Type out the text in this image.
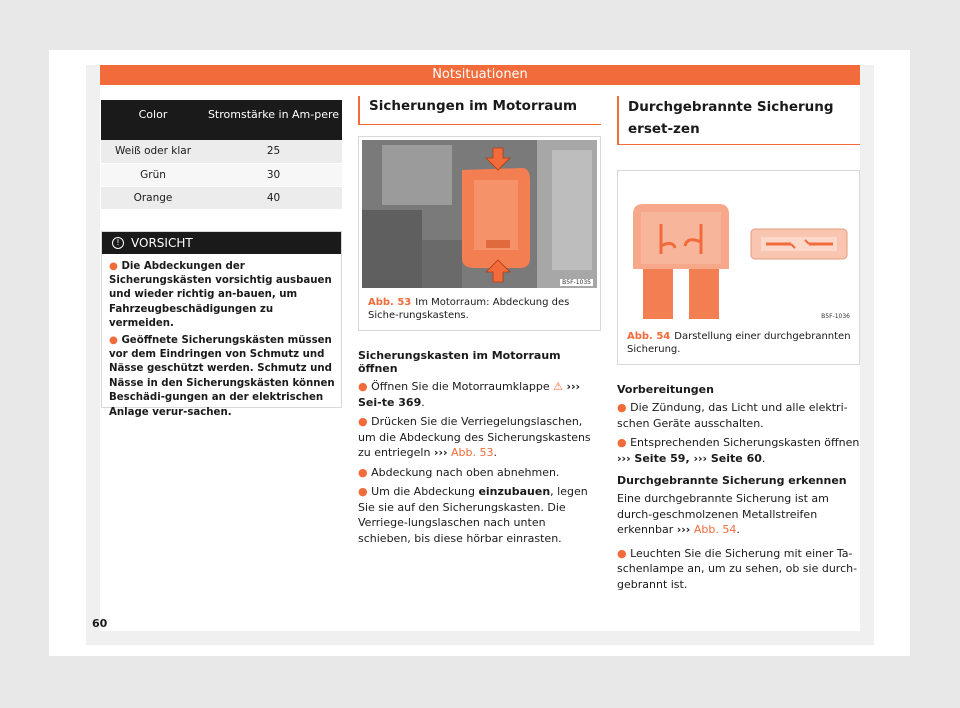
Notsituationen
Color	Stromstärke in Am-pere
Weiß oder klar	25
Grün	30
Orange	40
! VORSICHT

● Die Abdeckungen der Sicherungskästen vorsichtig ausbauen und wieder richtig an-bauen, um Fahrzeugbeschädigungen zu vermeiden.

● Geöffnete Sicherungskästen müssen vor dem Eindringen von Schmutz und Nässe geschützt werden. Schmutz und Nässe in den Sicherungskästen können Beschädi-gungen an der elektrischen Anlage verur-sachen.

Sicherungen im Motorraum
B5F-1035
Abb. 53 Im Motorraum: Abdeckung des Siche-rungskastens.
Sicherungskasten im Motorraum öffnen

● Öffnen Sie die Motorraumklappe ⚠ ››› Sei-te 369.

● Drücken Sie die Verriegelungslaschen, um die Abdeckung des Sicherungskastens zu entriegeln ››› Abb. 53.

● Abdeckung nach oben abnehmen.

● Um die Abdeckung einzubauen, legen Sie sie auf den Sicherungskasten. Die Verriege-lungslaschen nach unten schieben, bis diese hörbar einrasten.

Durchgebrannte Sicherung erset-zen
B5F-1036
Abb. 54 Darstellung einer durchgebrannten Sicherung.
Vorbereitungen

● Die Zündung, das Licht und alle elektri-schen Geräte ausschalten.

● Entsprechenden Sicherungskasten öffnen ››› Seite 59, ››› Seite 60.

Durchgebrannte Sicherung erkennen

Eine durchgebrannte Sicherung ist am durch-geschmolzenen Metallstreifen erkennbar ››› Abb. 54.

● Leuchten Sie die Sicherung mit einer Ta-schenlampe an, um zu sehen, ob sie durch-gebrannt ist.

60
